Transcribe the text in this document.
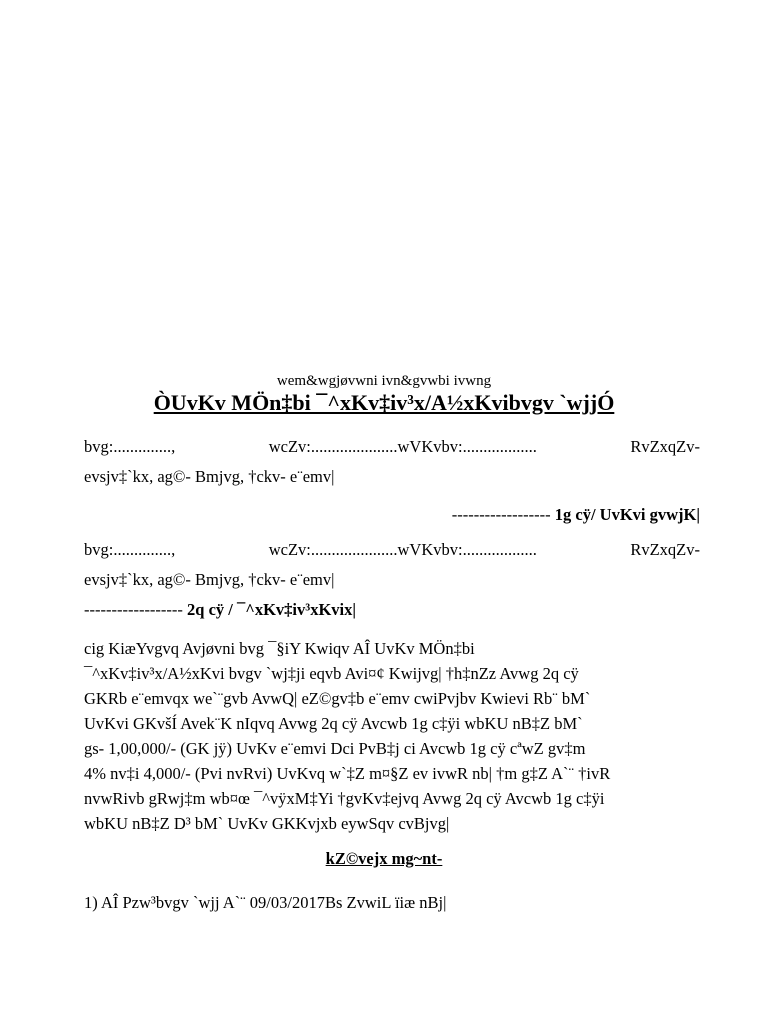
wem&wgjøvwni ivn&gvwbi ivwng
ÒUvKv MÖn‡bi ¯^xKv‡iv³x/A½xKvibvgv `wjjÓ
bvg:..............,	wcZv:.....................wVKvbv:..................	RvZxqZv-
evsjv‡`kx, ag©- Bmjvg, †ckv- e¨emv|
------------------ 1g cÿ/ UvKvi gvwjK|
bvg:..............,	wcZv:.....................wVKvbv:..................	RvZxqZv-
evsjv‡`kx, ag©- Bmjvg, †ckv- e¨emv|
------------------ 2q cÿ / ¯^xKv‡iv³xKvix|
cig KiæYvgvq Avjøvni bvg ¯§iY Kwiqv AÎ UvKv MÖn‡bi
¯^xKv‡iv³x/A½xKvi bvgv `wj‡ji eqvb Avi¤¢ Kwijvg| †h‡nZz Avwg 2q cÿ
GKRb e¨emvqx we`¨gvb AvwQ| eZ©gv‡b e¨emv cwiPvjbv Kwievi Rb¨ bM`
UvKvi GKvšÍ Avek¨K nIqvq Avwg 2q cÿ Avcwb 1g c‡ÿi wbKU nB‡Z bM`
gs- 1,00,000/- (GK jÿ) UvKv e¨emvi Dci PvB‡j ci Avcwb 1g cÿ cªwZ gv‡m
4% nv‡i 4,000/- (Pvi nvRvi) UvKvq w`‡Z m¤§Z ev ivwR nb| †m g‡Z A`¨ †ivR
nvwRivb gRwj‡m wb¤œ ¯^vÿxM‡Yi †gvKv‡ejvq Avwg 2q cÿ Avcwb 1g c‡ÿi
wbKU nB‡Z D³ bM` UvKv GKKvjxb eywSqv cvBjvg|
kZ©vejx mg~nt-
1) AÎ Pzw³bvgv `wjj A`¨ 09/03/2017Bs ZvwiL ïiæ nBj|
